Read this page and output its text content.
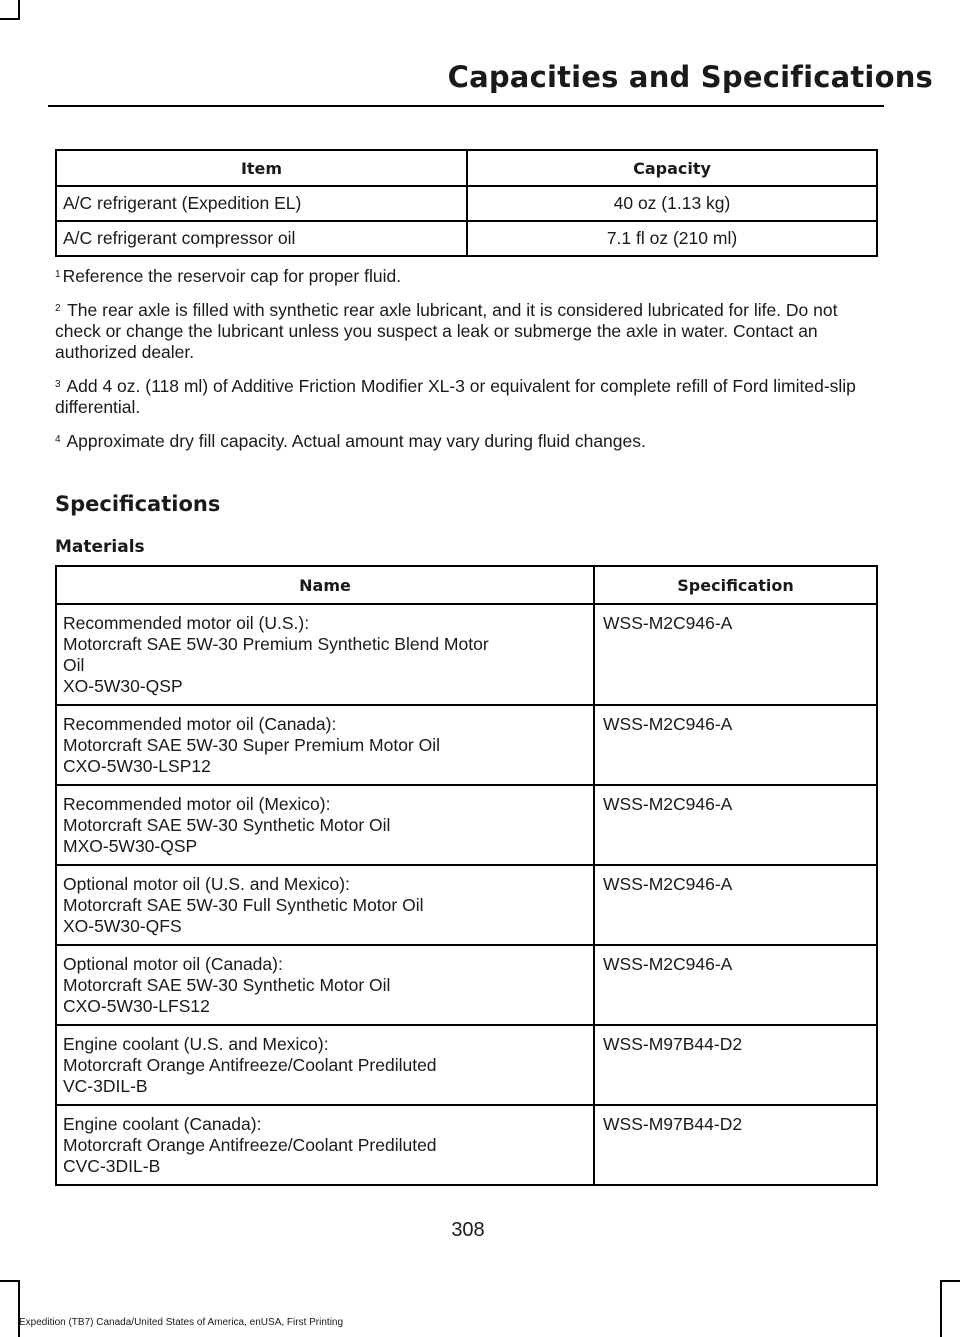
Capacities and Specifications
Item	Capacity
A/C refrigerant (Expedition EL)	40 oz (1.13 kg)
A/C refrigerant compressor oil	7.1 fl oz (210 ml)

$^1$ Reference the reservoir cap for proper fluid.

$^2$ The rear axle is filled with synthetic rear axle lubricant, and it is considered lubricated for life. Do not check or change the lubricant unless you suspect a leak or submerge the axle in water. Contact an authorized dealer.

$^3$ Add 4 oz. (118 ml) of Additive Friction Modifier XL-3 or equivalent for complete refill of Ford limited-slip differential.

$^4$ Approximate dry fill capacity. Actual amount may vary during fluid changes.

Specifications
Materials
Name	Specification

Recommended motor oil (U.S.):
Motorcraft SAE 5W-30 Premium Synthetic Blend Motor
Oil
XO-5W30-QSP	WSS-M2C946-A

Recommended motor oil (Canada):
Motorcraft SAE 5W-30 Super Premium Motor Oil
CXO-5W30-LSP12	WSS-M2C946-A

Recommended motor oil (Mexico):
Motorcraft SAE 5W-30 Synthetic Motor Oil
MXO-5W30-QSP	WSS-M2C946-A

Optional motor oil (U.S. and Mexico):
Motorcraft SAE 5W-30 Full Synthetic Motor Oil
XO-5W30-QFS	WSS-M2C946-A

Optional motor oil (Canada):
Motorcraft SAE 5W-30 Synthetic Motor Oil
CXO-5W30-LFS12	WSS-M2C946-A

Engine coolant (U.S. and Mexico):
Motorcraft Orange Antifreeze/Coolant Prediluted
VC-3DIL-B	WSS-M97B44-D2

Engine coolant (Canada):
Motorcraft Orange Antifreeze/Coolant Prediluted
CVC-3DIL-B	WSS-M97B44-D2
308
Expedition (TB7) Canada/United States of America, enUSA, First Printing
